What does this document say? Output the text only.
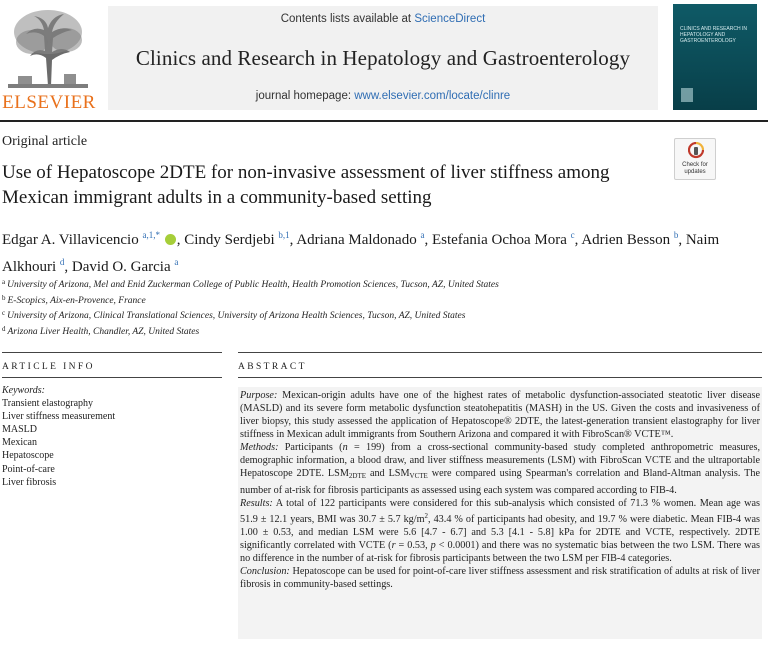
ELSEVIER
Contents lists available at ScienceDirect
Clinics and Research in Hepatology and Gastroenterology
journal homepage: www.elsevier.com/locate/clinre
CLINICS AND RESEARCH IN HEPATOLOGY AND GASTROENTEROLOGY
Original article
Use of Hepatoscope 2DTE for non-invasive assessment of liver stiffness among Mexican immigrant adults in a community-based setting
Check for updates
Edgar A. Villavicencio $^{a,1,*}$ , Cindy Serdjebi $^{b,1}$, Adriana Maldonado $^a$, Estefania Ochoa Mora $^c$, Adrien Besson $^b$, Naim Alkhouri $^d$, David O. Garcia $^a$
$^a$ University of Arizona, Mel and Enid Zuckerman College of Public Health, Health Promotion Sciences, Tucson, AZ, United States
$^b$ E-Scopics, Aix-en-Provence, France
$^c$ University of Arizona, Clinical Translational Sciences, University of Arizona Health Sciences, Tucson, AZ, United States
$^d$ Arizona Liver Health, Chandler, AZ, United States
ARTICLE INFO	ABSTRACT
Keywords:
Transient elastography
Liver stiffness measurement
MASLD
Mexican
Hepatoscope
Point-of-care
Liver fibrosis

Purpose: Mexican-origin adults have one of the highest rates of metabolic dysfunction-associated steatotic liver disease (MASLD) and its severe form metabolic dysfunction steatohepatitis (MASH) in the US. Given the costs and invasiveness of liver biopsy, this study assessed the application of Hepatoscope® 2DTE, the latest-generation transient elastography for liver stiffness in Mexican adult immigrants from Southern Arizona and compared it with FibroScan® VCTE™.

Methods: Participants (n = 199) from a cross-sectional community-based study completed anthropometric measures, demographic information, a blood draw, and liver stiffness measurements (LSM) with FibroScan VCTE and the ultraportable Hepatoscope 2DTE. $LSM_{2DTE}$ and $LSM_{VCTE}$ were compared using Spearman's correlation and Bland-Altman analysis. The number of at-risk for fibrosis participants as assessed using each system was compared according to FIB-4.

Results: A total of 122 participants were considered for this sub-analysis which consisted of 71.3 % women. Mean age was 51.9 ± 12.1 years, BMI was 30.7 ± 5.7 $kg/m^2$, 43.4 % of participants had obesity, and 19.7 % were diabetic. Mean FIB-4 was 1.00 ± 0.53, and median LSM were 5.6 [4.7 - 6.7] and 5.3 [4.1 - 5.8] kPa for 2DTE and VCTE, respectively. 2DTE significantly correlated with VCTE (r = 0.53, p < 0.0001) and there was no systematic bias between the two LSM. There was no difference in the number of at-risk for fibrosis participants between the two LSM per FIB-4 categories.

Conclusion: Hepatoscope can be used for point-of-care liver stiffness assessment and risk stratification of adults at risk of liver fibrosis in community-based settings.
